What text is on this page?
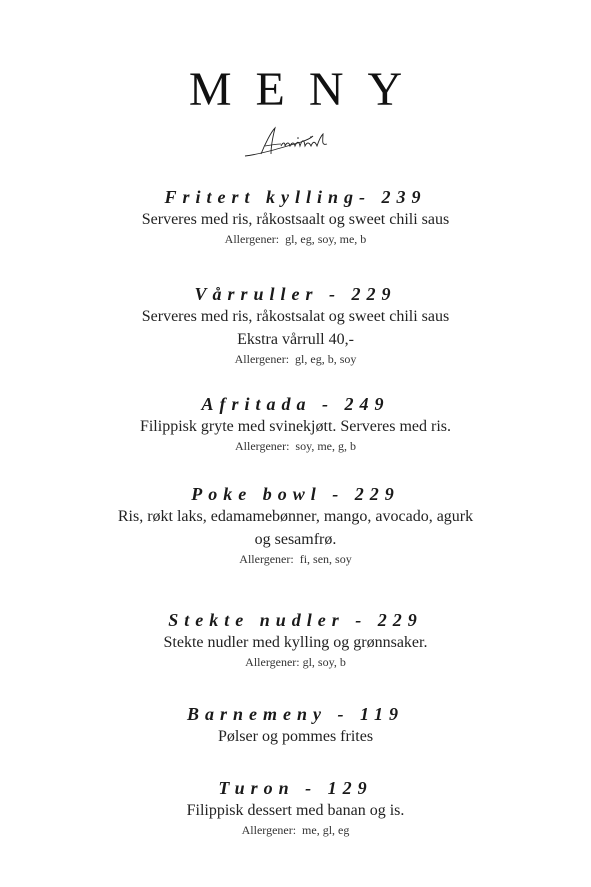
MENY
Fritert kylling- 239
Serveres med ris, råkostsaalt og sweet chili saus
Allergener: gl, eg, soy, me, b
Vårruller - 229
Serveres med ris, råkostsalat og sweet chili saus
Ekstra vårrull 40,-
Allergener: gl, eg, b, soy
Afritada - 249
Filippisk gryte med svinekjøtt. Serveres med ris.
Allergener: soy, me, g, b
Poke bowl - 229
Ris, røkt laks, edamamebønner, mango, avocado, agurk
og sesamfrø.
Allergener: fi, sen, soy
Stekte nudler - 229
Stekte nudler med kylling og grønnsaker.
Allergener: gl, soy, b
Barnemeny - 119
Pølser og pommes frites
Turon - 129
Filippisk dessert med banan og is.
Allergener: me, gl, eg
